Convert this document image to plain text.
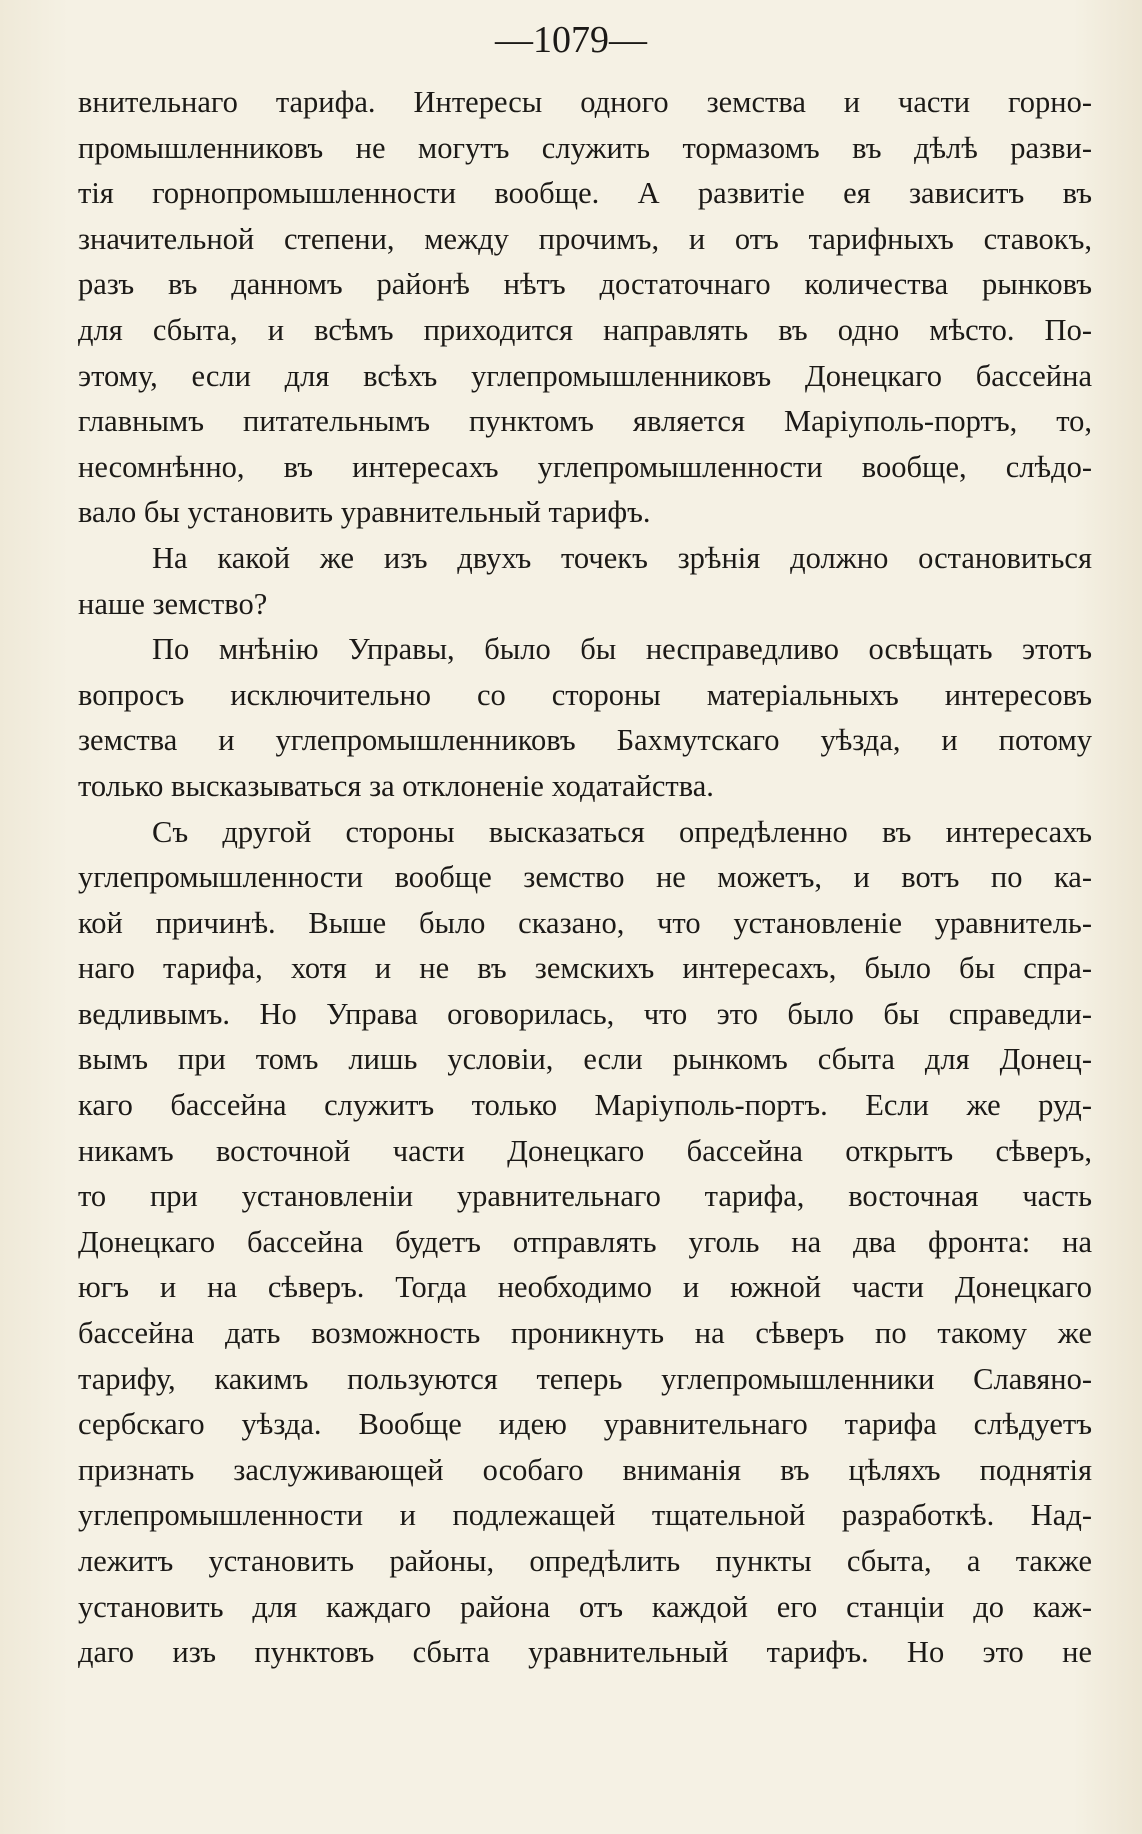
—1079—
внительнаго тарифа. Интересы одного земства и части горно-
промышленниковъ не могутъ служить тормазомъ въ дѣлѣ разви-
тія горнопромышленности вообще. А развитіе ея зависитъ въ
значительной степени, между прочимъ, и отъ тарифныхъ ставокъ,
разъ въ данномъ районѣ нѣтъ достаточнаго количества рынковъ
для сбыта, и всѣмъ приходится направлять въ одно мѣсто. По-
этому, если для всѣхъ углепромышленниковъ Донецкаго бассейна
главнымъ питательнымъ пунктомъ является Маріуполь-портъ, то,
несомнѣнно, въ интересахъ углепромышленности вообще, слѣдо-
вало бы установить уравнительный тарифъ.
На какой же изъ двухъ точекъ зрѣнія должно остановиться
наше земство?
По мнѣнію Управы, было бы несправедливо освѣщать этотъ
вопросъ исключительно со стороны матеріальныхъ интересовъ
земства и углепромышленниковъ Бахмутскаго уѣзда, и потому
только высказываться за отклоненіе ходатайства.
Съ другой стороны высказаться опредѣленно въ интересахъ
углепромышленности вообще земство не можетъ, и вотъ по ка-
кой причинѣ. Выше было сказано, что установленіе уравнитель-
наго тарифа, хотя и не въ земскихъ интересахъ, было бы спра-
ведливымъ. Но Управа оговорилась, что это было бы справедли-
вымъ при томъ лишь условіи, если рынкомъ сбыта для Донец-
каго бассейна служитъ только Маріуполь-портъ. Если же руд-
никамъ восточной части Донецкаго бассейна открытъ сѣверъ,
то при установленіи уравнительнаго тарифа, восточная часть
Донецкаго бассейна будетъ отправлять уголь на два фронта: на
югъ и на сѣверъ. Тогда необходимо и южной части Донецкаго
бассейна дать возможность проникнуть на сѣверъ по такому же
тарифу, какимъ пользуются теперь углепромышленники Славяно-
сербскаго уѣзда. Вообще идею уравнительнаго тарифа слѣдуетъ
признать заслуживающей особаго вниманія въ цѣляхъ поднятія
углепромышленности и подлежащей тщательной разработкѣ. Над-
лежитъ установить районы, опредѣлить пункты сбыта, а также
установить для каждаго района отъ каждой его станціи до каж-
даго изъ пунктовъ сбыта уравнительный тарифъ. Но это не
